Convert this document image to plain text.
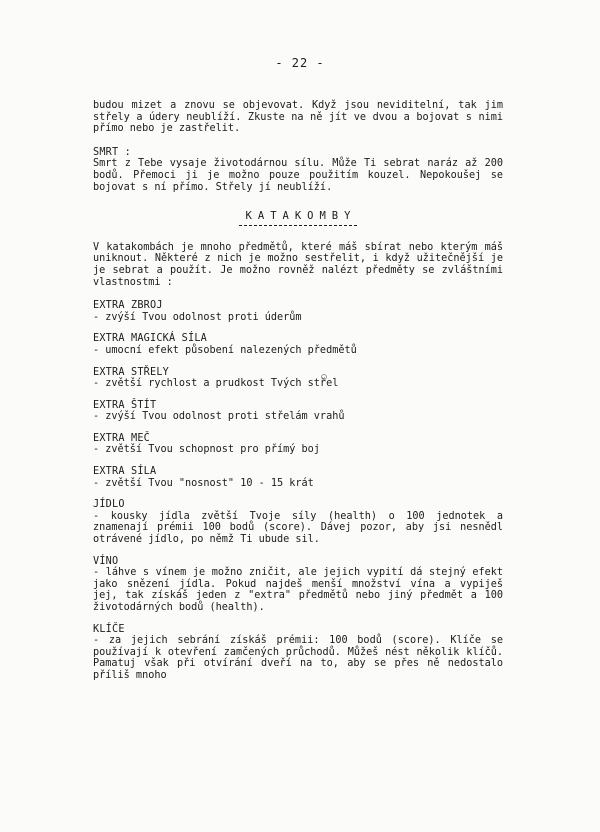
- 22 -
budou mizet a znovu se objevovat. Když jsou neviditelní, tak jim střely a údery neublíží. Zkuste na ně jít ve dvou a bojovat s nimi přímo nebo je zastřelit.
SMRT :
Smrt z Tebe vysaje životodárnou sílu. Může Ti sebrat naráz až 200 bodů. Přemoci ji je možno pouze použitím kouzel. Nepokoušej se bojovat s ní přímo. Střely jí neublíží.
KATAKOMBY
V katakombách je mnoho předmětů, které máš sbírat nebo kterým máš uniknout. Některé z nich je možno sestřelit, i když užitečnější je je sebrat a použít. Je možno rovněž nalézt předměty se zvláštními vlastnostmi :
EXTRA ZBROJ
- zvýší Tvou odolnost proti úderům
EXTRA MAGICKÁ SÍLA
- umocní efekt působení nalezených předmětů
EXTRA STŘELY
- zvětší rychlost a prudkost Tvých střel
EXTRA ŠTÍT
- zvýší Tvou odolnost proti střelám vrahů
EXTRA MEČ
- zvětší Tvou schopnost pro přímý boj
EXTRA SÍLA
- zvětší Tvou "nosnost" 10 - 15 krát
JÍDLO
- kousky jídla zvětší Tvoje síly (health) o 100 jednotek a znamenají prémii 100 bodů (score). Dávej pozor, aby jsi nesnědl otrávené jídlo, po němž Ti ubude sil.
VÍNO
- láhve s vínem je možno zničit, ale jejich vypití dá stejný efekt jako snězení jídla. Pokud najdeš menší množství vína a vypiješ jej, tak získáš jeden z "extra" předmětů nebo jiný předmět a 100 životodárných bodů (health).
KLÍČE
- za jejich sebrání získáš prémii: 100 bodů (score). Klíče se používají k otevření zamčených průchodů. Můžeš nést několik klíčů. Pamatuj však při otvírání dveří na to, aby se přes ně nedostalo příliš mnoho
